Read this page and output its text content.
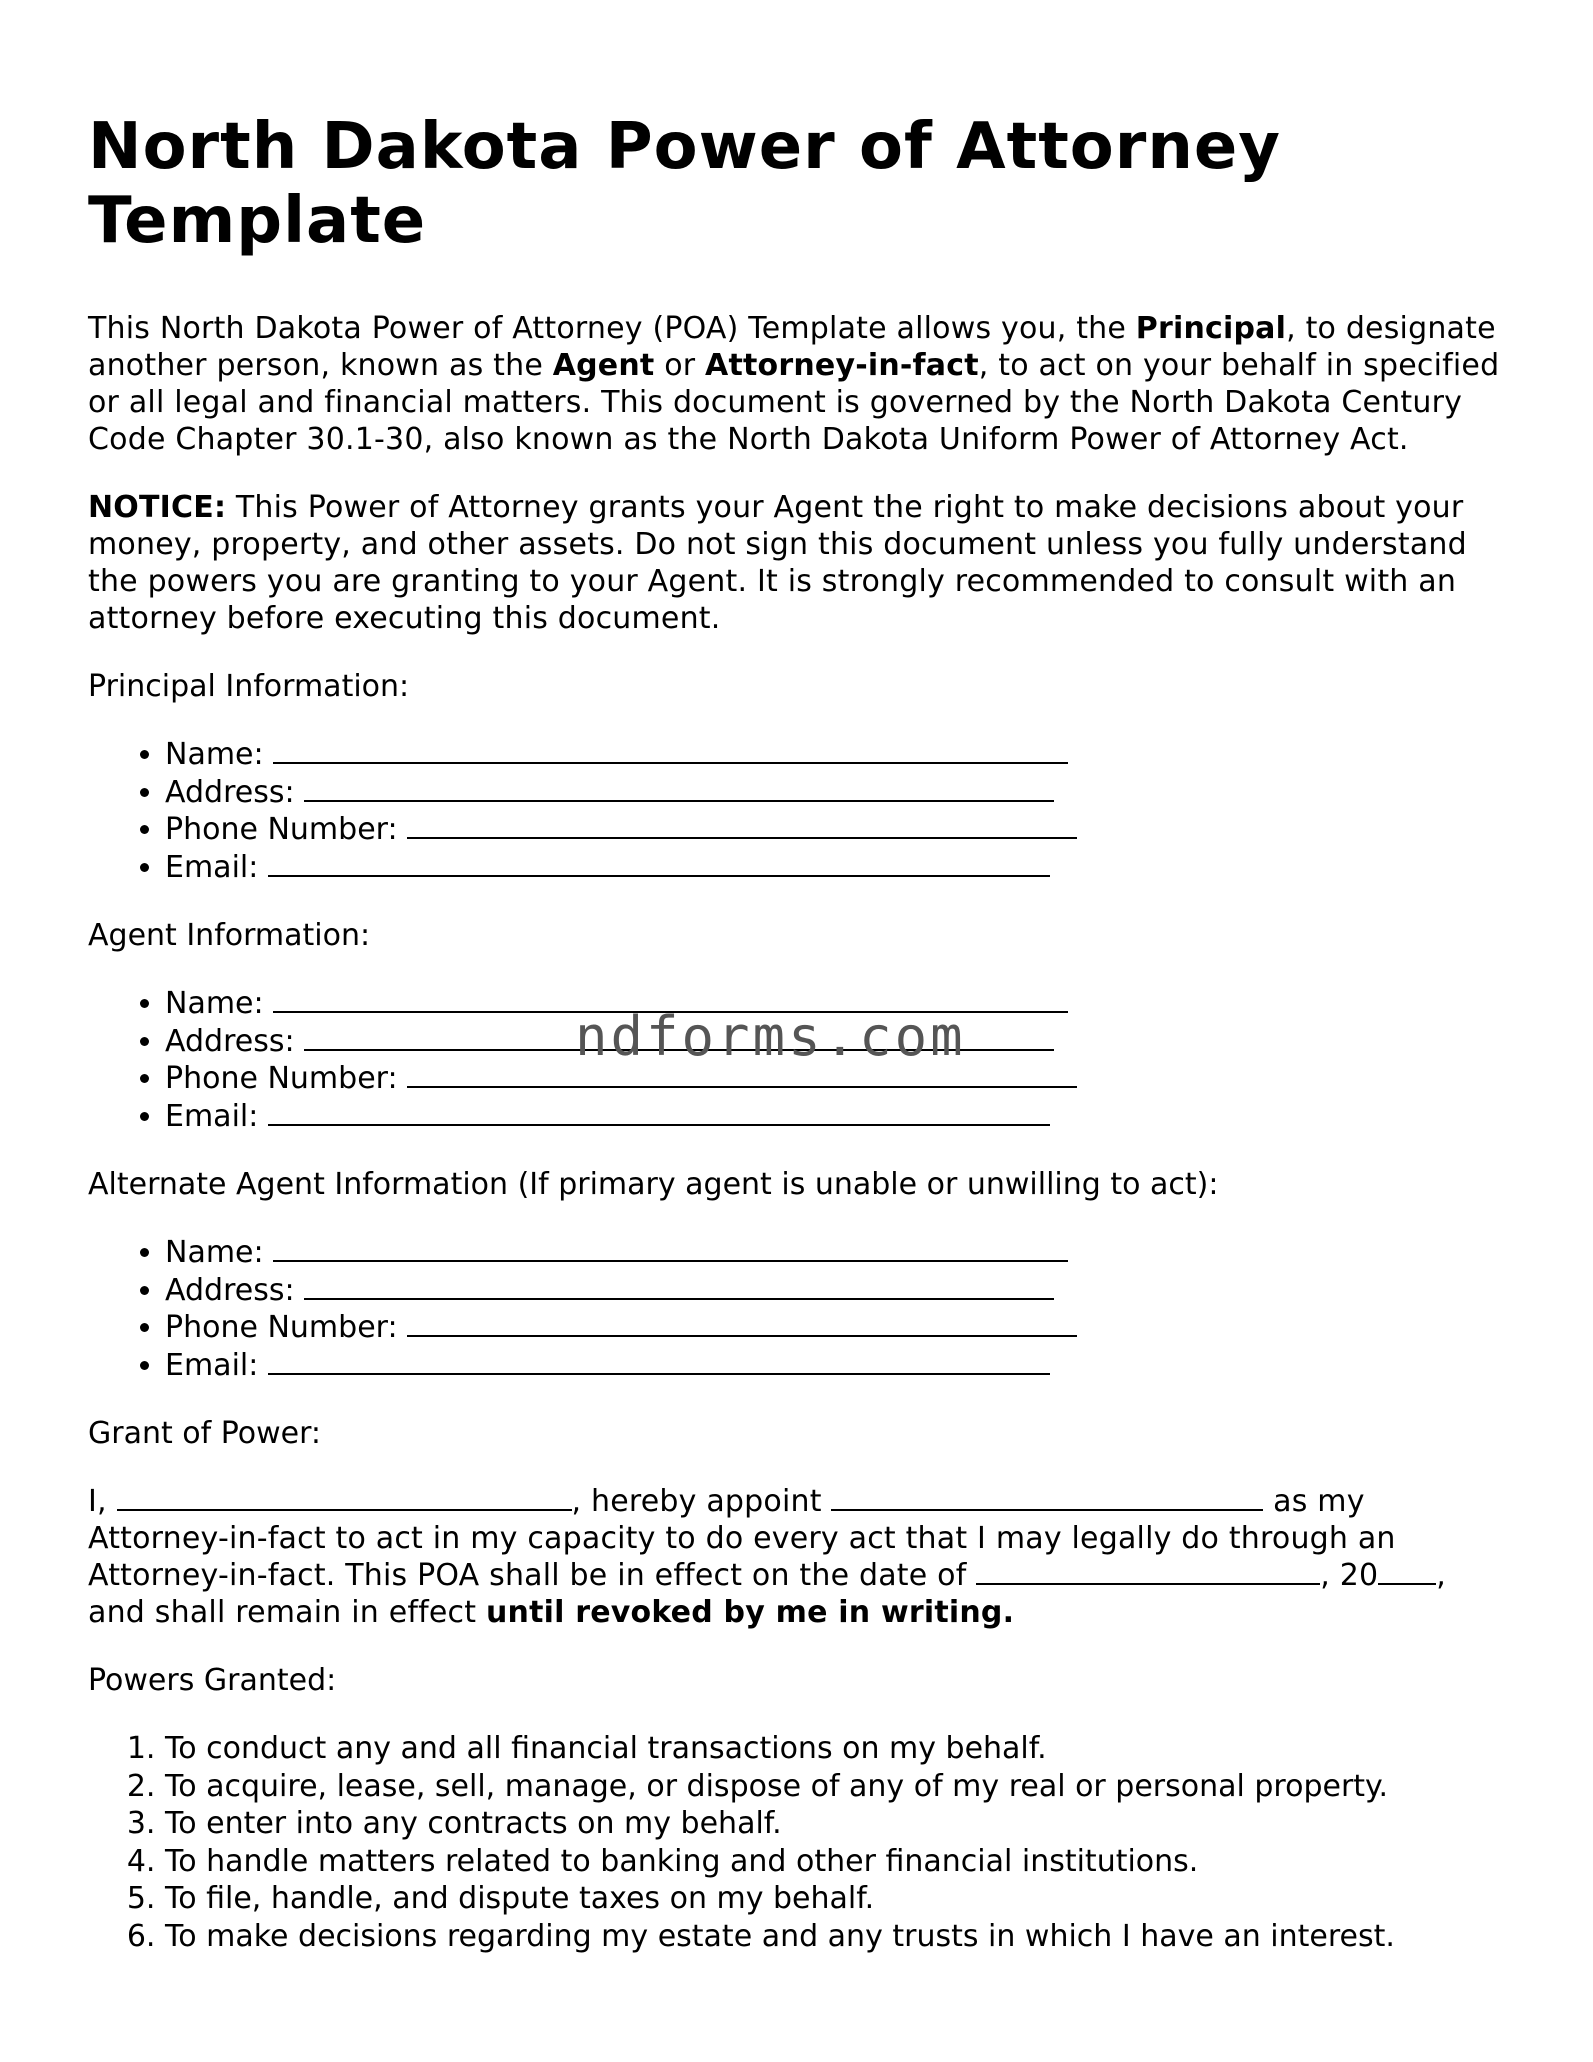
North Dakota Power of Attorney Template

This North Dakota Power of Attorney (POA) Template allows you, the Principal, to designate another person, known as the Agent or Attorney-in-fact, to act on your behalf in specified or all legal and financial matters. This document is governed by the North Dakota Century Code Chapter 30.1-30, also known as the North Dakota Uniform Power of Attorney Act.

NOTICE: This Power of Attorney grants your Agent the right to make decisions about your money, property, and other assets. Do not sign this document unless you fully understand the powers you are granting to your Agent. It is strongly recommended to consult with an attorney before executing this document.

Principal Information:
• Name:
• Address:
• Phone Number:
• Email:
Agent Information:
• Name:
• Address:
• Phone Number:
• Email:
Alternate Agent Information (If primary agent is unable or unwilling to act):
• Name:
• Address:
• Phone Number:
• Email:
Grant of Power:

I,	, hereby appoint	as my Attorney-in-fact to act in my capacity to do every act that I may legally do through an Attorney-in-fact. This POA shall be in effect on the date of	, 20 , and shall remain in effect until revoked by me in writing.

Powers Granted:
1. To conduct any and all financial transactions on my behalf.
2. To acquire, lease, sell, manage, or dispose of any of my real or personal property.
3. To enter into any contracts on my behalf.
4. To handle matters related to banking and other financial institutions.
5. To file, handle, and dispute taxes on my behalf.
6. To make decisions regarding my estate and any trusts in which I have an interest.
ndforms.com
